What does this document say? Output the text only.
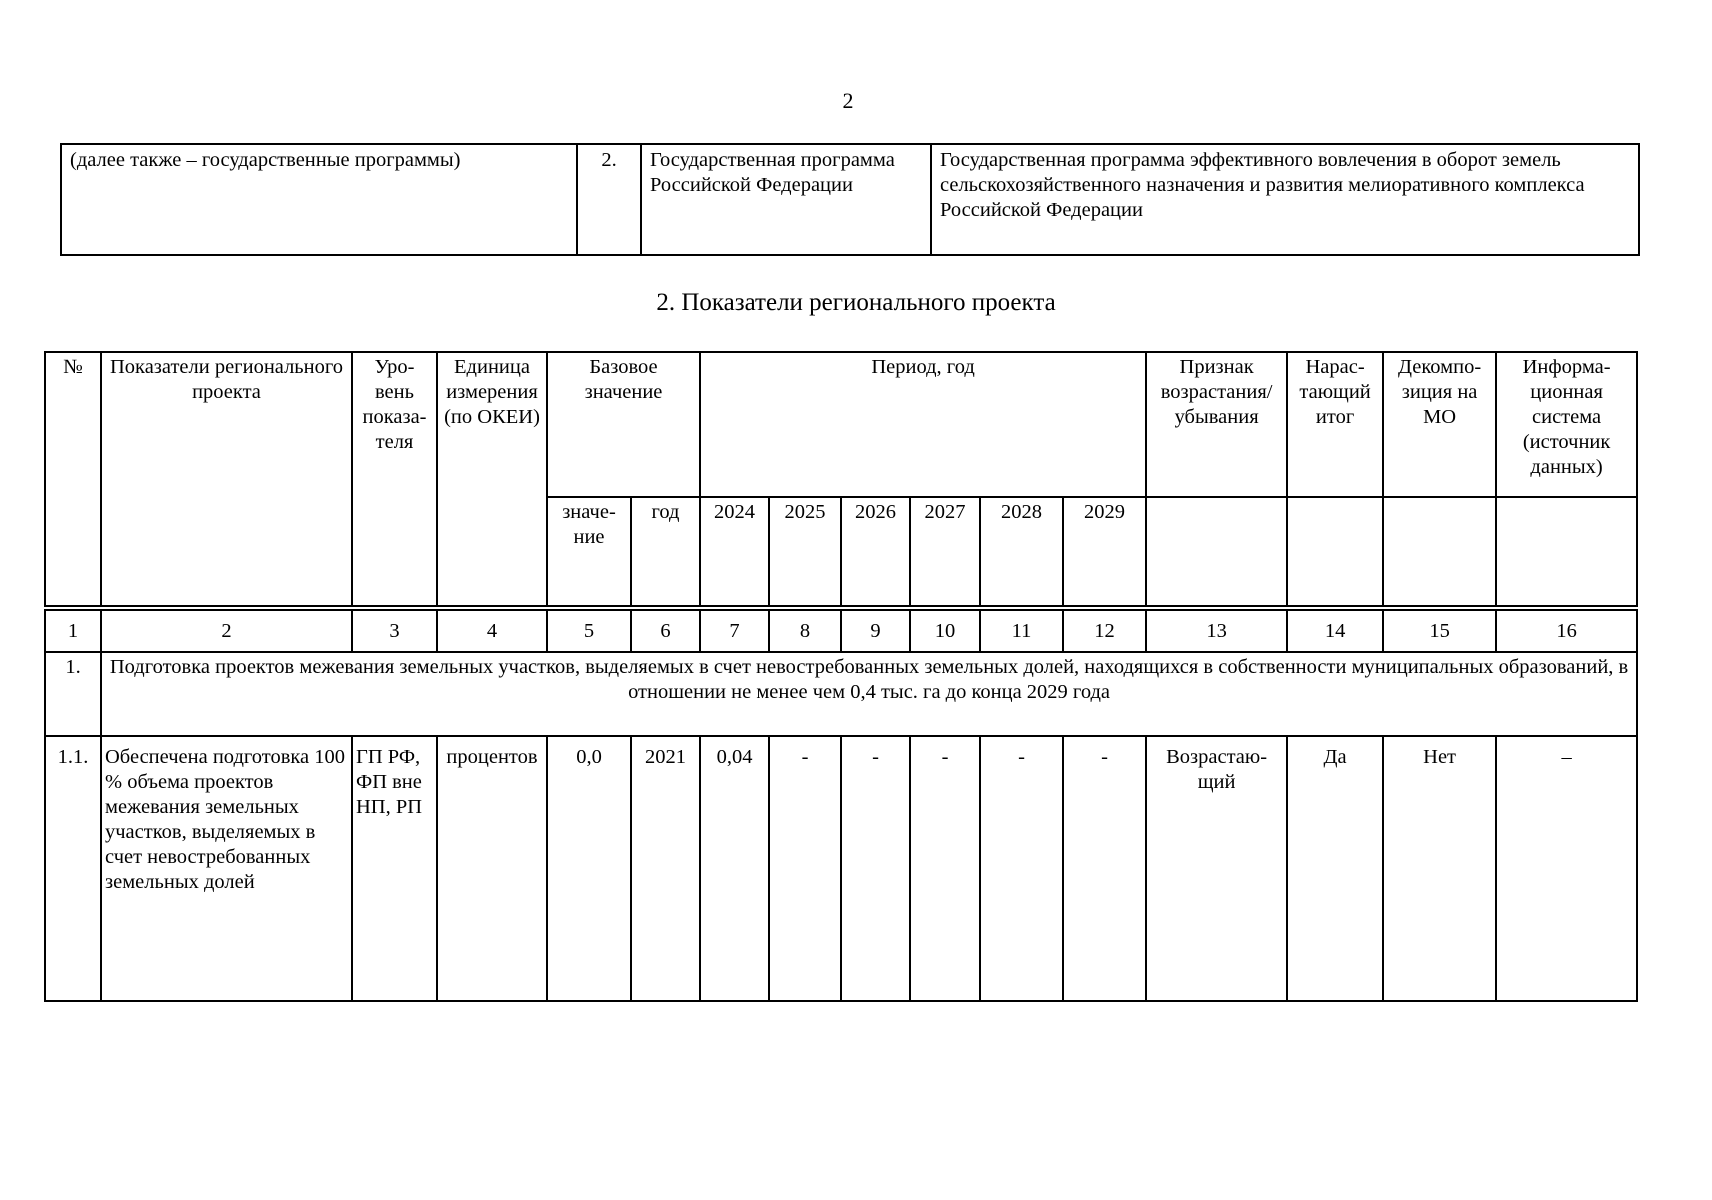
2
(далее также – государственные программы)	2.	Государственная программа Российской Федерации	Государственная программа эффективного вовлечения в оборот земель сельскохозяйственного назначения и развития мелиоративного комплекса Российской Федерации
2. Показатели регионального проекта
№	Показатели регионального проекта	Уро-вень показа-теля	Единица измерения (по ОКЕИ)	Базовое значение		Период, год						Признак возрастания/ убывания	Нарас-тающий итог	Декомпо-зиция на МО	Информа-ционная система (источник данных)
				значе-ние	год	2024	2025	2026	2027	2028	2029				

1	2	3	4	5	6	7	8	9	10	11	12	13	14	15	16
1.	Подготовка проектов межевания земельных участков, выделяемых в счет невостребованных земельных долей, находящихся в собственности муниципальных образований, в отношении не менее чем 0,4 тыс. га до конца 2029 года														
1.1.	Обеспечена подготовка 100 % объема проектов межевания земельных участков, выделяемых в счет невостребованных земельных долей	ГП РФ, ФП вне НП, РП	процентов	0,0	2021	0,04	-	-	-	-	-	Возрастаю-щий	Да	Нет	–
